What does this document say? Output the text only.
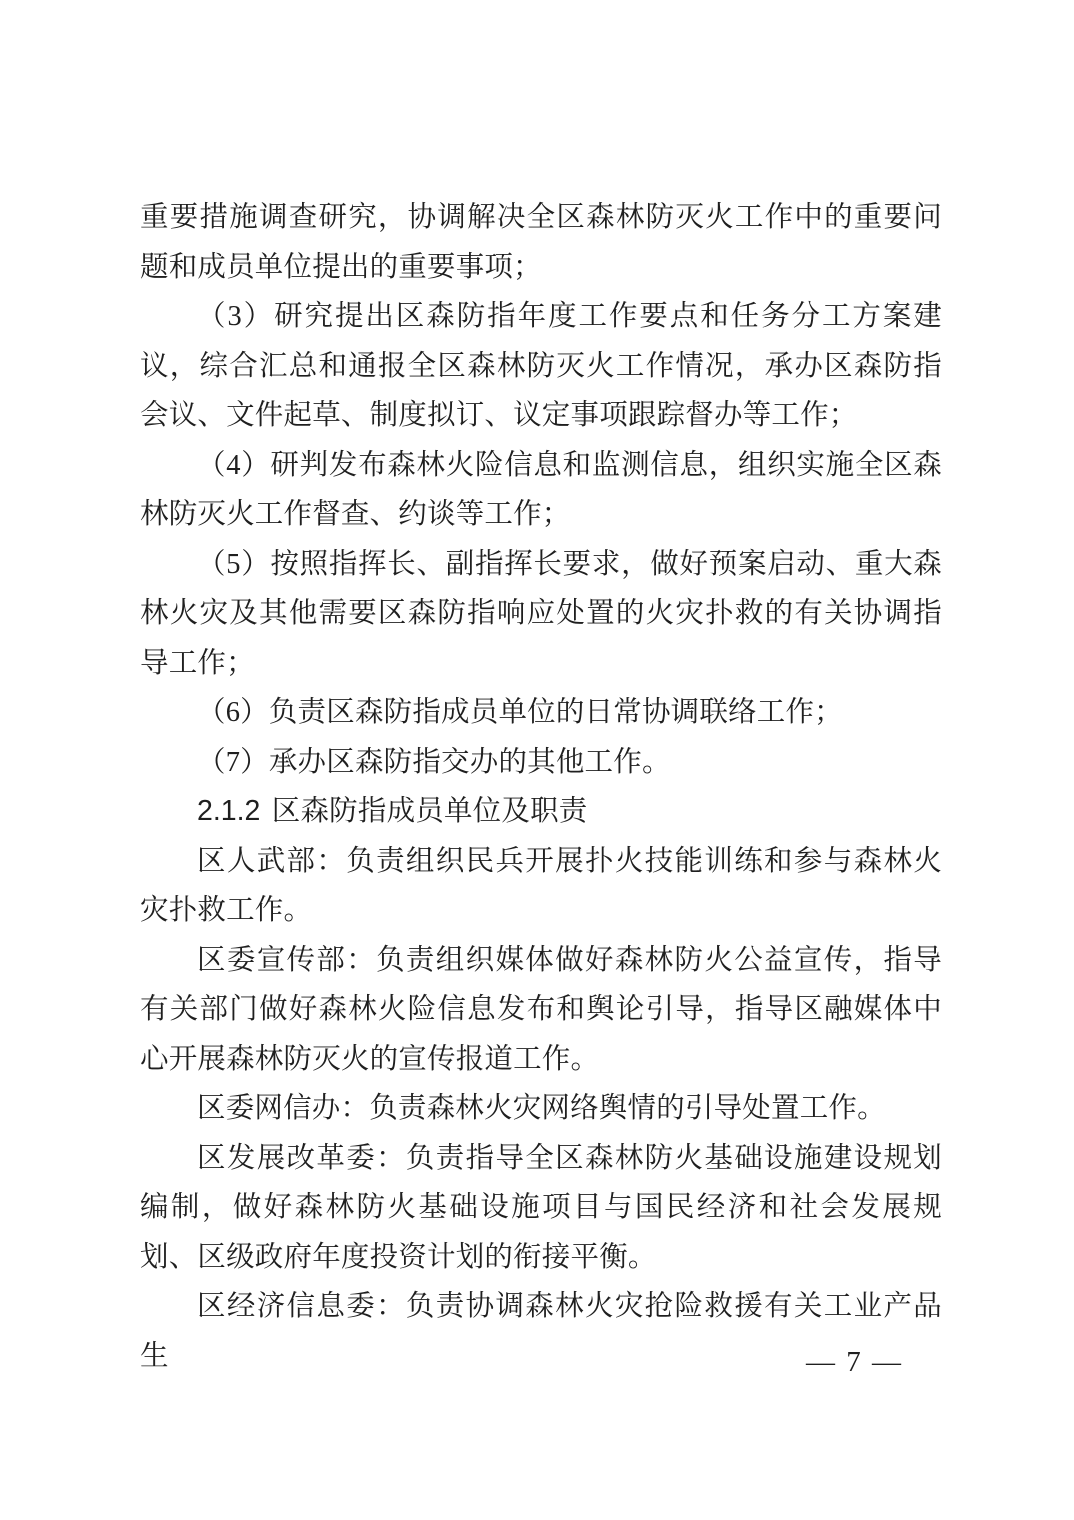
重要措施调查研究，协调解决全区森林防灭火工作中的重要问题和成员单位提出的重要事项；

（3）研究提出区森防指年度工作要点和任务分工方案建议，综合汇总和通报全区森林防灭火工作情况，承办区森防指会议、文件起草、制度拟订、议定事项跟踪督办等工作；

（4）研判发布森林火险信息和监测信息，组织实施全区森林防灭火工作督查、约谈等工作；

（5）按照指挥长、副指挥长要求，做好预案启动、重大森林火灾及其他需要区森防指响应处置的火灾扑救的有关协调指导工作；

（6）负责区森防指成员单位的日常协调联络工作；

（7）承办区森防指交办的其他工作。

2.1.2 区森防指成员单位及职责

区人武部：负责组织民兵开展扑火技能训练和参与森林火灾扑救工作。

区委宣传部：负责组织媒体做好森林防火公益宣传，指导有关部门做好森林火险信息发布和舆论引导，指导区融媒体中心开展森林防灭火的宣传报道工作。

区委网信办：负责森林火灾网络舆情的引导处置工作。

区发展改革委：负责指导全区森林防火基础设施建设规划编制，做好森林防火基础设施项目与国民经济和社会发展规划、区级政府年度投资计划的衔接平衡。

区经济信息委：负责协调森林火灾抢险救援有关工业产品生	— 7 —
